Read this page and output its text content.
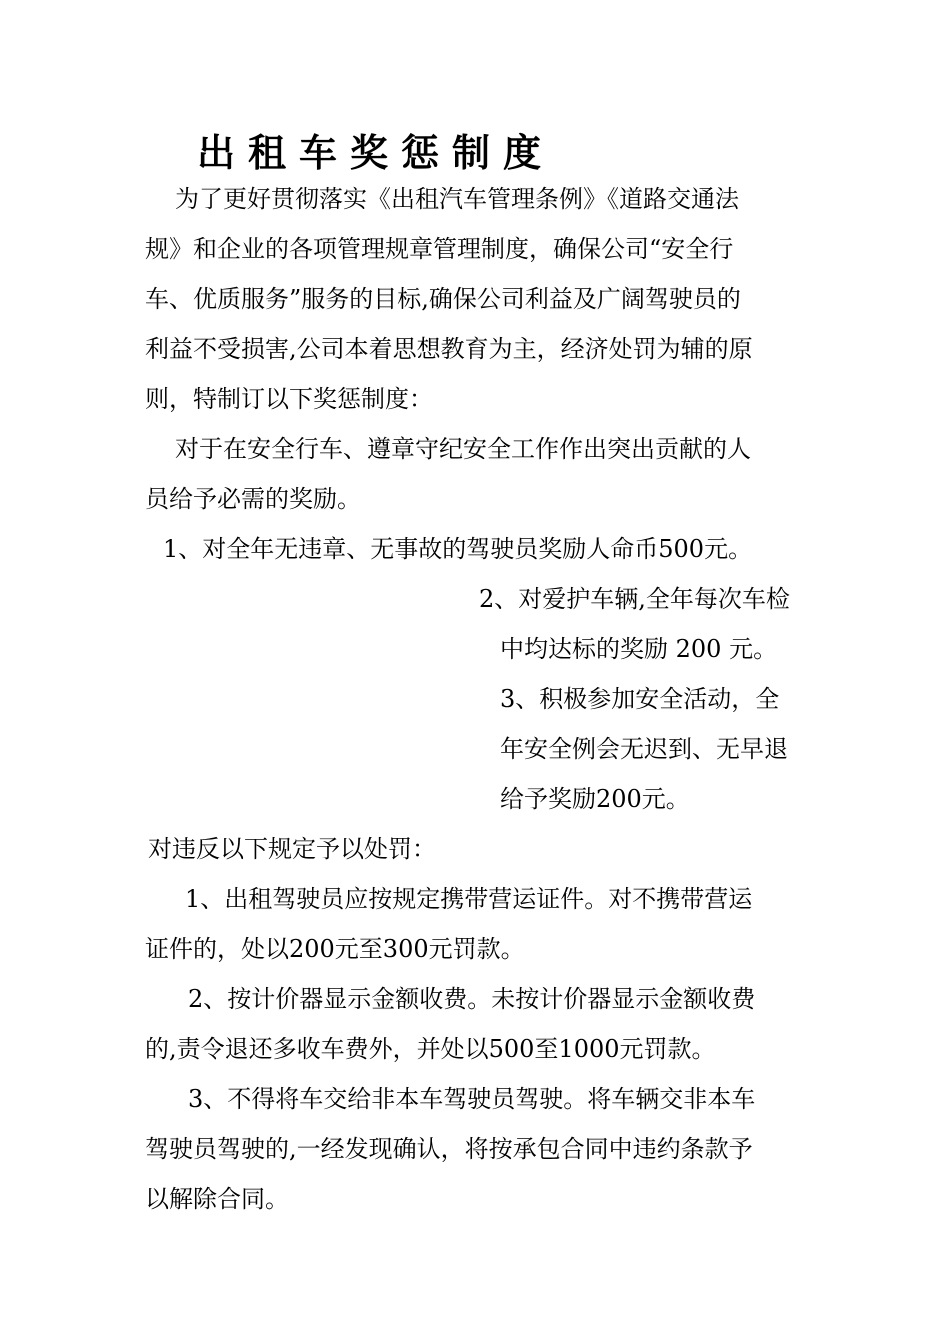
出租车奖惩制度
为了更好贯彻落实《出租汽车管理条例》《道路交通法
规》和企业的各项管理规章管理制度，确保公司“安全行
车、优质服务”服务的目标,确保公司利益及广阔驾驶员的
利益不受损害,公司本着思想教育为主，经济处罚为辅的原
则，特制订以下奖惩制度：
对于在安全行车、遵章守纪安全工作作出突出贡献的人
员给予必需的奖励。
1、对全年无违章、无事故的驾驶员奖励人命币500元。
2、对爱护车辆,全年每次车检
中均达标的奖励 200 元。
3、积极参加安全活动，全
年安全例会无迟到、无早退
给予奖励200元。
对违反以下规定予以处罚：
1、出租驾驶员应按规定携带营运证件。对不携带营运
证件的，处以200元至300元罚款。
2、按计价器显示金额收费。未按计价器显示金额收费
的,责令退还多收车费外，并处以500至1000元罚款。
3、不得将车交给非本车驾驶员驾驶。将车辆交非本车
驾驶员驾驶的,一经发现确认，将按承包合同中违约条款予
以解除合同。
